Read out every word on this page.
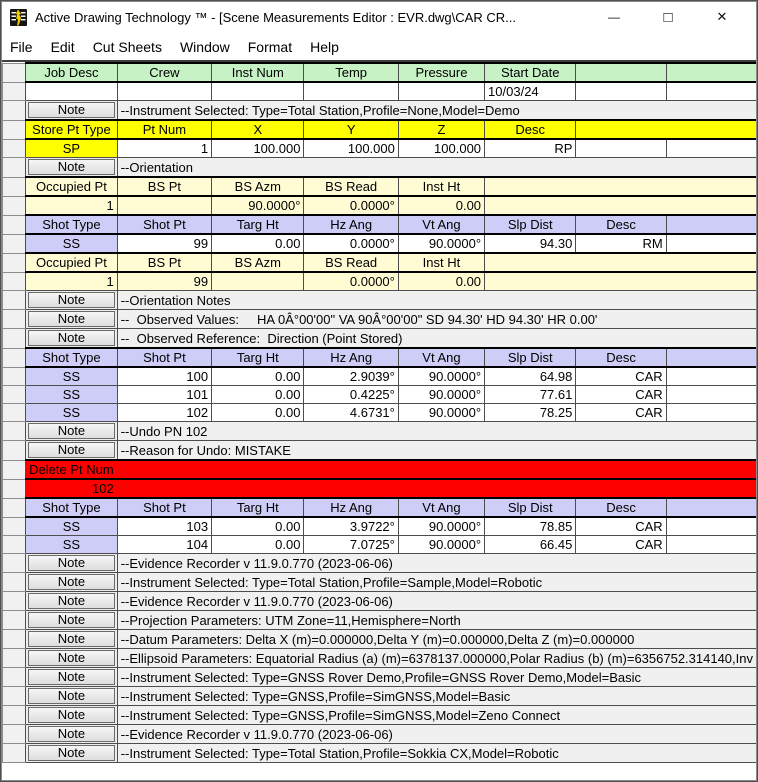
Active Drawing Technology ™ - [Scene Measurements Editor : EVR.dwg\CAR CR...	—	□	✕
File	Edit	Cut Sheets	Window	Format	Help
	Job Desc	Crew	Inst Num	Temp	Pressure	Start Date		
						10/03/24		

	Note	--Instrument Selected: Type=Total Station,Profile=None,Model=Demo						
	Store Pt Type	Pt Num	X	Y	Z	Desc		
	SP	1	100.000	100.000	100.000	RP		

	Note	--Orientation						
	Occupied Pt	BS Pt	BS Azm	BS Read	Inst Ht			
	1		90.0000°	0.0000°	0.00			
	Shot Type	Shot Pt	Targ Ht	Hz Ang	Vt Ang	Slp Dist	Desc	
	SS	99	0.00	0.0000°	90.0000°	94.30	RM	
	Occupied Pt	BS Pt	BS Azm	BS Read	Inst Ht			
	1	99		0.0000°	0.00			

	Note	--Orientation Notes						

	Note	--  Observed Values:     HA 0Â°00'00" VA 90Â°00'00" SD 94.30' HD 94.30' HR 0.00'						

	Note	--  Observed Reference:  Direction (Point Stored)						
	Shot Type	Shot Pt	Targ Ht	Hz Ang	Vt Ang	Slp Dist	Desc	
	SS	100	0.00	2.9039°	90.0000°	64.98	CAR	
	SS	101	0.00	0.4225°	90.0000°	77.61	CAR	
	SS	102	0.00	4.6731°	90.0000°	78.25	CAR	

	Note	--Undo PN 102						

	Note	--Reason for Undo: MISTAKE						
	Delete Pt Num							
	102							
	Shot Type	Shot Pt	Targ Ht	Hz Ang	Vt Ang	Slp Dist	Desc	
	SS	103	0.00	3.9722°	90.0000°	78.85	CAR	
	SS	104	0.00	7.0725°	90.0000°	66.45	CAR	

	Note	--Evidence Recorder v 11.9.0.770 (2023-06-06)						

	Note	--Instrument Selected: Type=Total Station,Profile=Sample,Model=Robotic						

	Note	--Evidence Recorder v 11.9.0.770 (2023-06-06)						

	Note	--Projection Parameters: UTM Zone=11,Hemisphere=North						

	Note	--Datum Parameters: Delta X (m)=0.000000,Delta Y (m)=0.000000,Delta Z (m)=0.000000						

	Note	--Ellipsoid Parameters: Equatorial Radius (a) (m)=6378137.000000,Polar Radius (b) (m)=6356752.314140,Inv						

	Note	--Instrument Selected: Type=GNSS Rover Demo,Profile=GNSS Rover Demo,Model=Basic						

	Note	--Instrument Selected: Type=GNSS,Profile=SimGNSS,Model=Basic						

	Note	--Instrument Selected: Type=GNSS,Profile=SimGNSS,Model=Zeno Connect						

	Note	--Evidence Recorder v 11.9.0.770 (2023-06-06)						

	Note	--Instrument Selected: Type=Total Station,Profile=Sokkia CX,Model=Robotic						
